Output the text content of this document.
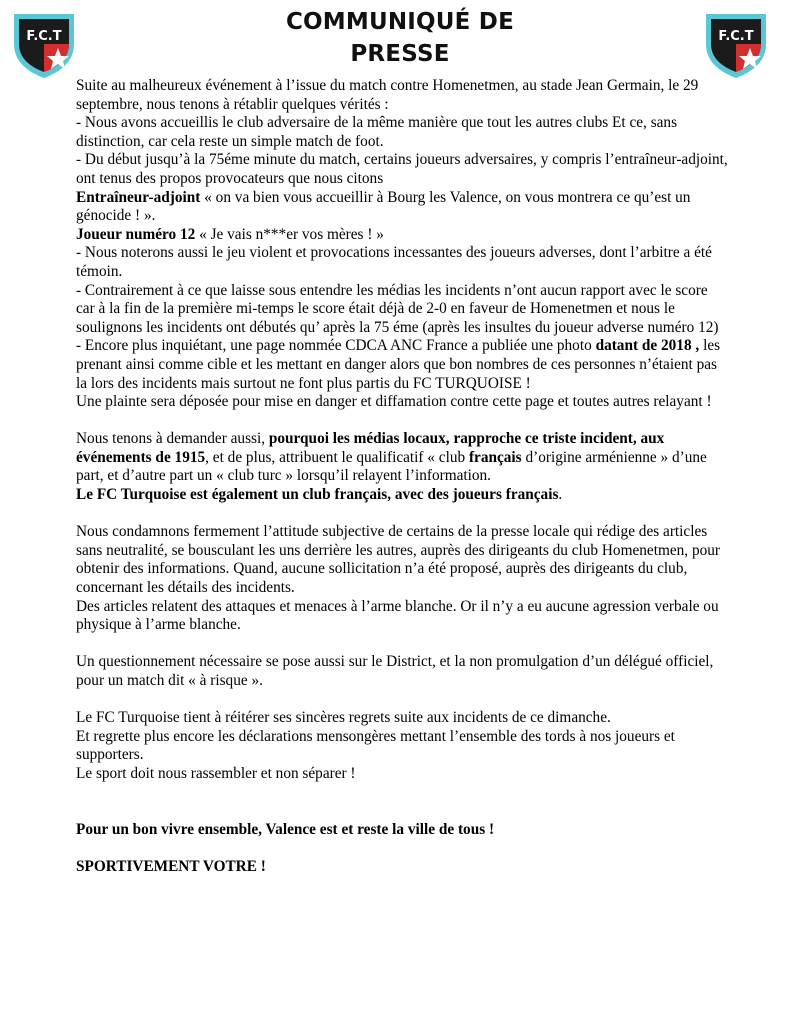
F.C.T	F.C.T
COMMUNIQUÉ DE
PRESSE

Suite au malheureux événement à l’issue du match contre Homenetmen, au stade Jean Germain, le 29 septembre, nous tenons à rétablir quelques vérités :

- Nous avons accueillis le club adversaire de la même manière que tout les autres clubs Et ce, sans distinction, car cela reste un simple match de foot.

- Du début jusqu’à la 75éme minute du match, certains joueurs adversaires, y compris l’entraîneur-adjoint, ont tenus des propos provocateurs que nous citons

Entraîneur-adjoint « on va bien vous accueillir à Bourg les Valence, on vous montrera ce qu’est un génocide ! ».

Joueur numéro 12 « Je vais n***er vos mères ! »

- Nous noterons aussi le jeu violent et provocations incessantes des joueurs adverses, dont l’arbitre a été témoin.

- Contrairement à ce que laisse sous entendre les médias les incidents n’ont aucun rapport avec le score car à la fin de la première mi-temps le score était déjà de 2-0 en faveur de Homenetmen et nous le soulignons les incidents ont débutés qu’ après la 75 éme (après les insultes du joueur adverse numéro 12)

- Encore plus inquiétant, une page nommée CDCA ANC France a publiée une photo datant de 2018 , les prenant ainsi comme cible et les mettant en danger alors que bon nombres de ces personnes n’étaient pas la lors des incidents mais surtout ne font plus partis du FC TURQUOISE !

Une plainte sera déposée pour mise en danger et diffamation contre cette page et toutes autres relayant !

Nous tenons à demander aussi, pourquoi les médias locaux, rapproche ce triste incident, aux événements de 1915, et de plus, attribuent le qualificatif « club français d’origine arménienne » d’une part, et d’autre part un « club turc » lorsqu’il relayent l’information.

Le FC Turquoise est également un club français, avec des joueurs français.

Nous condamnons fermement l’attitude subjective de certains de la presse locale qui rédige des articles sans neutralité, se bousculant les uns derrière les autres, auprès des dirigeants du club Homenetmen, pour obtenir des informations. Quand, aucune sollicitation n’a été proposé, auprès des dirigeants du club, concernant les détails des incidents.

Des articles relatent des attaques et menaces à l’arme blanche. Or il n’y a eu aucune agression verbale ou physique à l’arme blanche.

Un questionnement nécessaire se pose aussi sur le District, et la non promulgation d’un délégué officiel, pour un match dit « à risque ».

Le FC Turquoise tient à réitérer ses sincères regrets suite aux incidents de ce dimanche.

Et regrette plus encore les déclarations mensongères mettant l’ensemble des tords à nos joueurs et supporters.

Le sport doit nous rassembler et non séparer !

Pour un bon vivre ensemble, Valence est et reste la ville de tous !

SPORTIVEMENT VOTRE !
